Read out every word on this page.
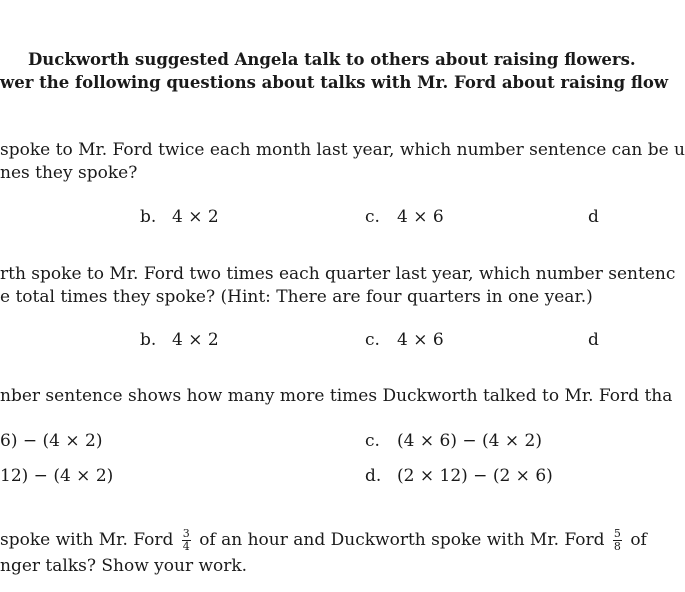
Duckworth suggested Angela talk to others about raising flowers.
wer the following questions about talks with Mr. Ford about raising flow
spoke to Mr. Ford twice each month last year, which number sentence can be u
nes they spoke?
b. 4 × 2	c. 4 × 6	d
rth spoke to Mr. Ford two times each quarter last year, which number sentenc
e total times they spoke? (Hint: There are four quarters in one year.)
b. 4 × 2	c. 4 × 6	d
nber sentence shows how many more times Duckworth talked to Mr. Ford tha
6) − (4 × 2)	c. (4 × 6) − (4 × 2)
12) − (4 × 2)	d. (2 × 12) − (2 × 6)
spoke with Mr. Ford $\frac{3}{4}$ of an hour and Duckworth spoke with Mr. Ford $\frac{5}{8}$ of
nger talks? Show your work.
